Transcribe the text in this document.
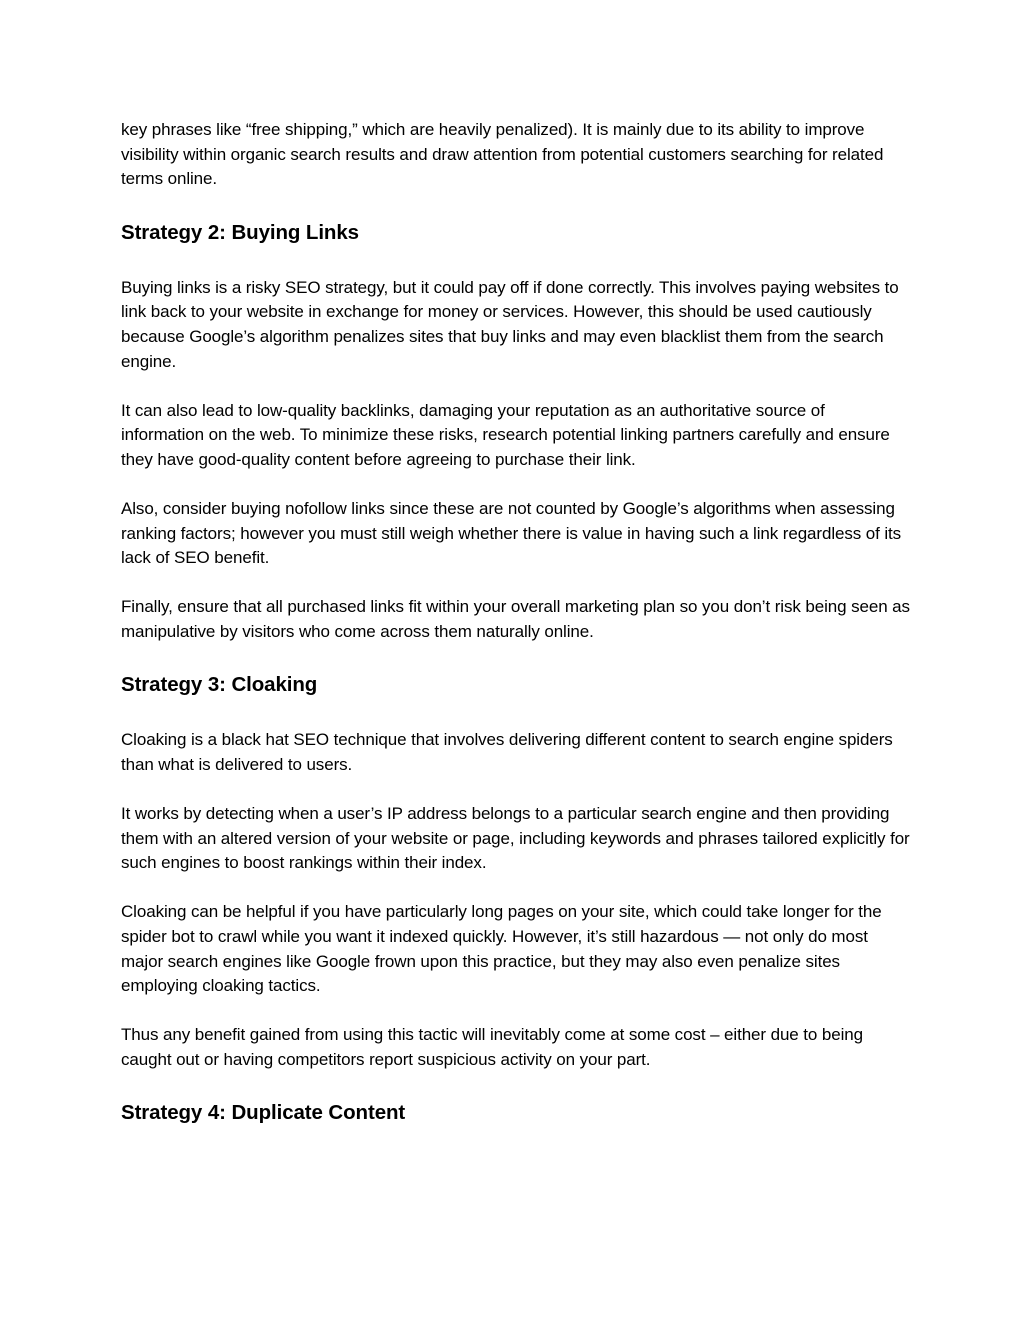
key phrases like “free shipping,” which are heavily penalized). It is mainly due to its ability to improve visibility within organic search results and draw attention from potential customers searching for related terms online.

Strategy 2: Buying Links

Buying links is a risky SEO strategy, but it could pay off if done correctly. This involves paying websites to link back to your website in exchange for money or services. However, this should be used cautiously because Google’s algorithm penalizes sites that buy links and may even blacklist them from the search engine.

It can also lead to low-quality backlinks, damaging your reputation as an authoritative source of information on the web. To minimize these risks, research potential linking partners carefully and ensure they have good-quality content before agreeing to purchase their link.

Also, consider buying nofollow links since these are not counted by Google’s algorithms when assessing ranking factors; however you must still weigh whether there is value in having such a link regardless of its lack of SEO benefit.

Finally, ensure that all purchased links fit within your overall marketing plan so you don’t risk being seen as manipulative by visitors who come across them naturally online.

Strategy 3: Cloaking

Cloaking is a black hat SEO technique that involves delivering different content to search engine spiders than what is delivered to users.

It works by detecting when a user’s IP address belongs to a particular search engine and then providing them with an altered version of your website or page, including keywords and phrases tailored explicitly for such engines to boost rankings within their index.

Cloaking can be helpful if you have particularly long pages on your site, which could take longer for the spider bot to crawl while you want it indexed quickly. However, it’s still hazardous — not only do most major search engines like Google frown upon this practice, but they may also even penalize sites employing cloaking tactics.

Thus any benefit gained from using this tactic will inevitably come at some cost – either due to being caught out or having competitors report suspicious activity on your part.

Strategy 4: Duplicate Content
